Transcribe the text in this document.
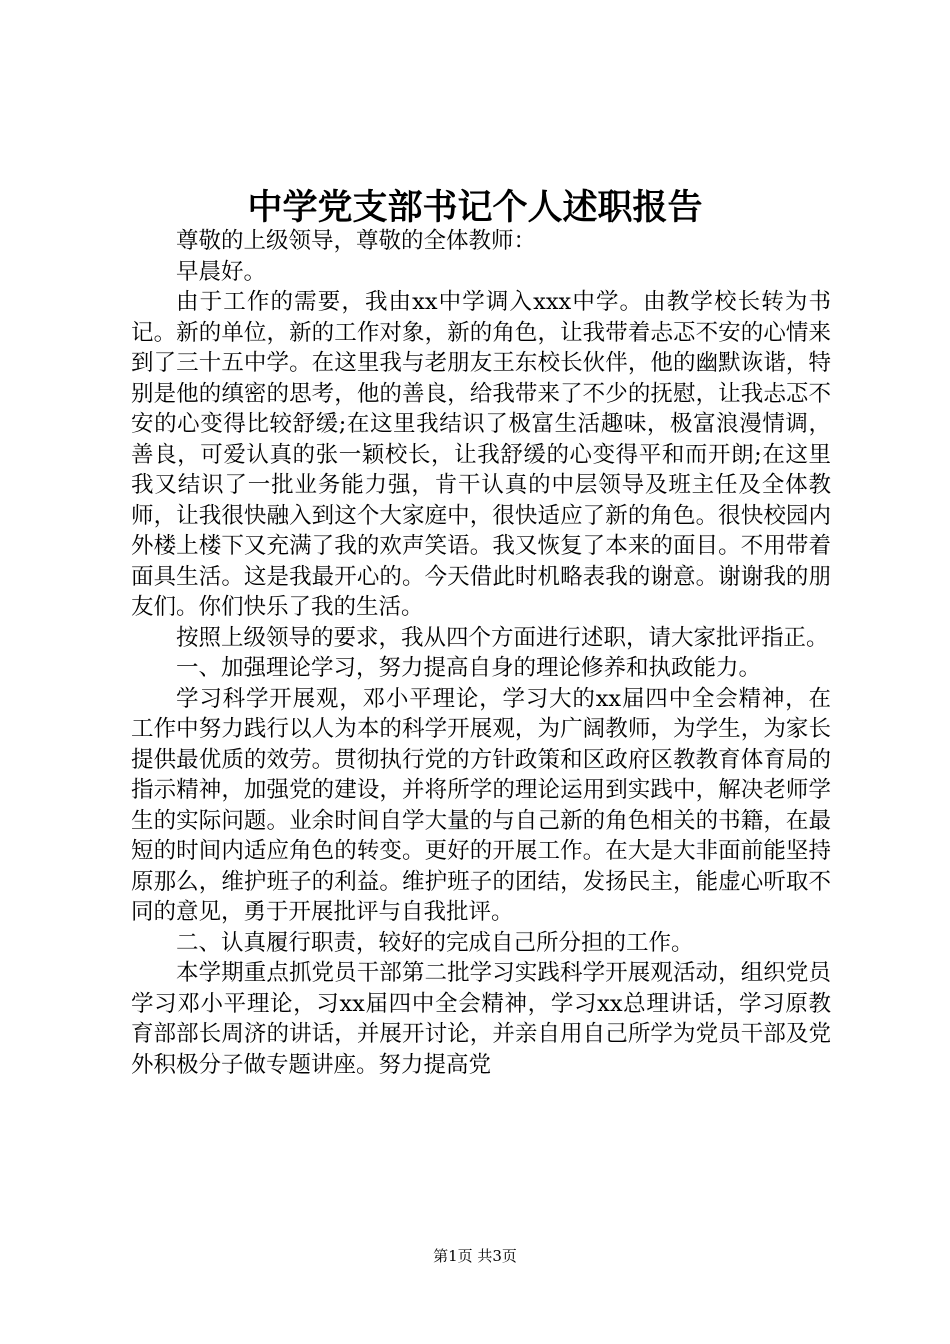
中学党支部书记个人述职报告

尊敬的上级领导，尊敬的全体教师：

早晨好。

由于工作的需要，我由xx中学调入xxx中学。由教学校长转为书记。新的单位，新的工作对象，新的角色，让我带着忐忑不安的心情来到了三十五中学。在这里我与老朋友王东校长伙伴，他的幽默诙谐，特别是他的缜密的思考，他的善良，给我带来了不少的抚慰，让我忐忑不安的心变得比较舒缓;在这里我结识了极富生活趣味，极富浪漫情调，善良，可爱认真的张一颖校长，让我舒缓的心变得平和而开朗;在这里我又结识了一批业务能力强，肯干认真的中层领导及班主任及全体教师，让我很快融入到这个大家庭中，很快适应了新的角色。很快校园内外楼上楼下又充满了我的欢声笑语。我又恢复了本来的面目。不用带着面具生活。这是我最开心的。今天借此时机略表我的谢意。谢谢我的朋友们。你们快乐了我的生活。

按照上级领导的要求，我从四个方面进行述职，请大家批评指正。

一、加强理论学习，努力提高自身的理论修养和执政能力。

学习科学开展观，邓小平理论，学习大的xx届四中全会精神，在工作中努力践行以人为本的科学开展观，为广阔教师，为学生，为家长提供最优质的效劳。贯彻执行党的方针政策和区政府区教教育体育局的指示精神，加强党的建设，并将所学的理论运用到实践中，解决老师学生的实际问题。业余时间自学大量的与自己新的角色相关的书籍，在最短的时间内适应角色的转变。更好的开展工作。在大是大非面前能坚持原那么，维护班子的利益。维护班子的团结，发扬民主，能虚心听取不同的意见，勇于开展批评与自我批评。

二、认真履行职责，较好的完成自己所分担的工作。

本学期重点抓党员干部第二批学习实践科学开展观活动，组织党员学习邓小平理论，习xx届四中全会精神，学习xx总理讲话，学习原教育部部长周济的讲话，并展开讨论，并亲自用自己所学为党员干部及党外积极分子做专题讲座。努力提高党

第1页 共3页
